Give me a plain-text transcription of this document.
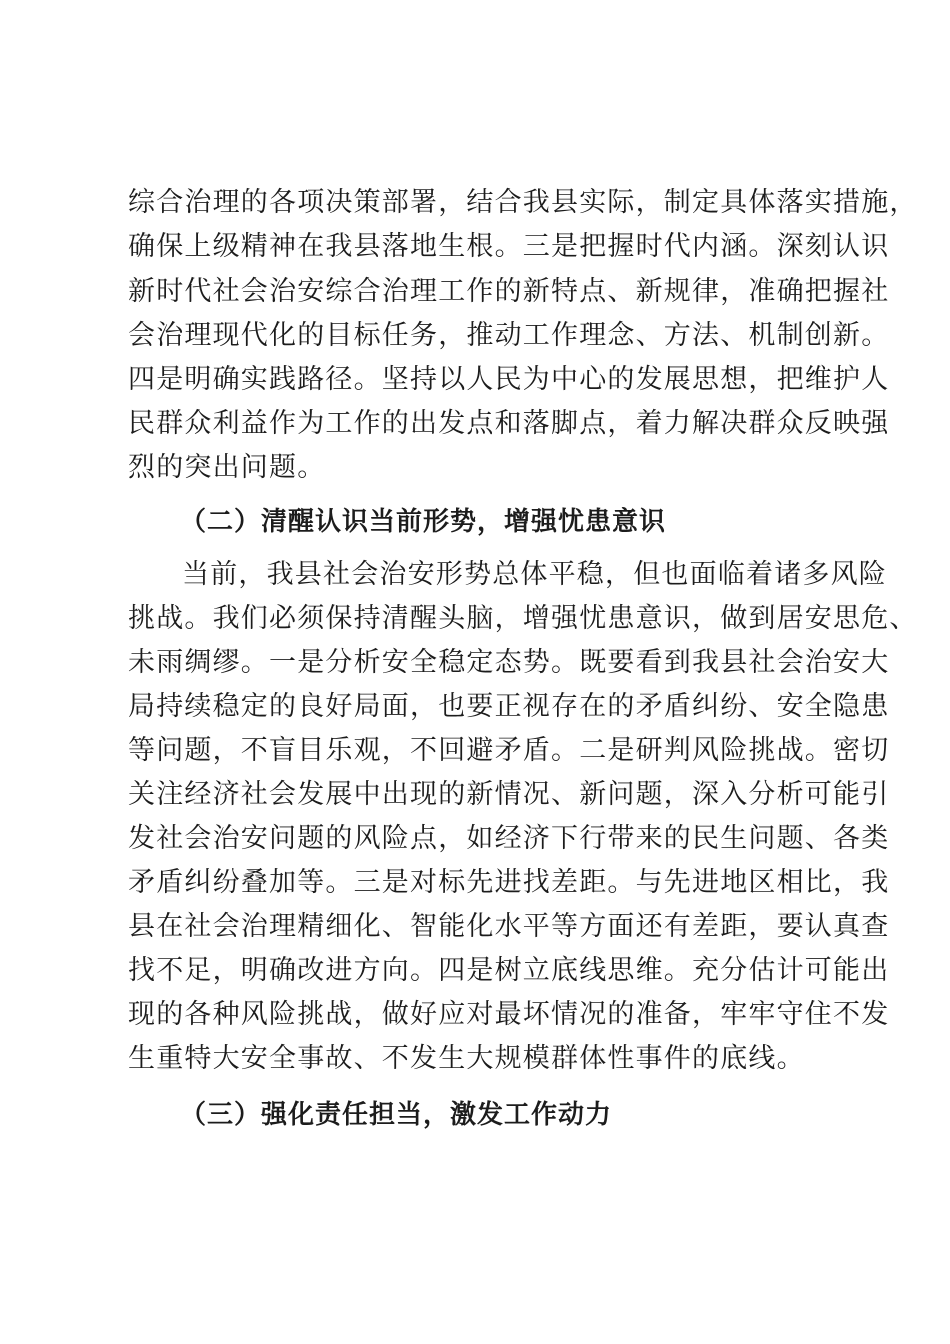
综合治理的各项决策部署，结合我县实际，制定具体落实措施，
确保上级精神在我县落地生根。三是把握时代内涵。深刻认识
新时代社会治安综合治理工作的新特点、新规律，准确把握社
会治理现代化的目标任务，推动工作理念、方法、机制创新。
四是明确实践路径。坚持以人民为中心的发展思想，把维护人
民群众利益作为工作的出发点和落脚点，着力解决群众反映强
烈的突出问题。
（二）清醒认识当前形势，增强忧患意识
当前，我县社会治安形势总体平稳，但也面临着诸多风险
挑战。我们必须保持清醒头脑，增强忧患意识，做到居安思危、
未雨绸缪。一是分析安全稳定态势。既要看到我县社会治安大
局持续稳定的良好局面，也要正视存在的矛盾纠纷、安全隐患
等问题，不盲目乐观，不回避矛盾。二是研判风险挑战。密切
关注经济社会发展中出现的新情况、新问题，深入分析可能引
发社会治安问题的风险点，如经济下行带来的民生问题、各类
矛盾纠纷叠加等。三是对标先进找差距。与先进地区相比，我
县在社会治理精细化、智能化水平等方面还有差距，要认真查
找不足，明确改进方向。四是树立底线思维。充分估计可能出
现的各种风险挑战，做好应对最坏情况的准备，牢牢守住不发
生重特大安全事故、不发生大规模群体性事件的底线。
（三）强化责任担当，激发工作动力
